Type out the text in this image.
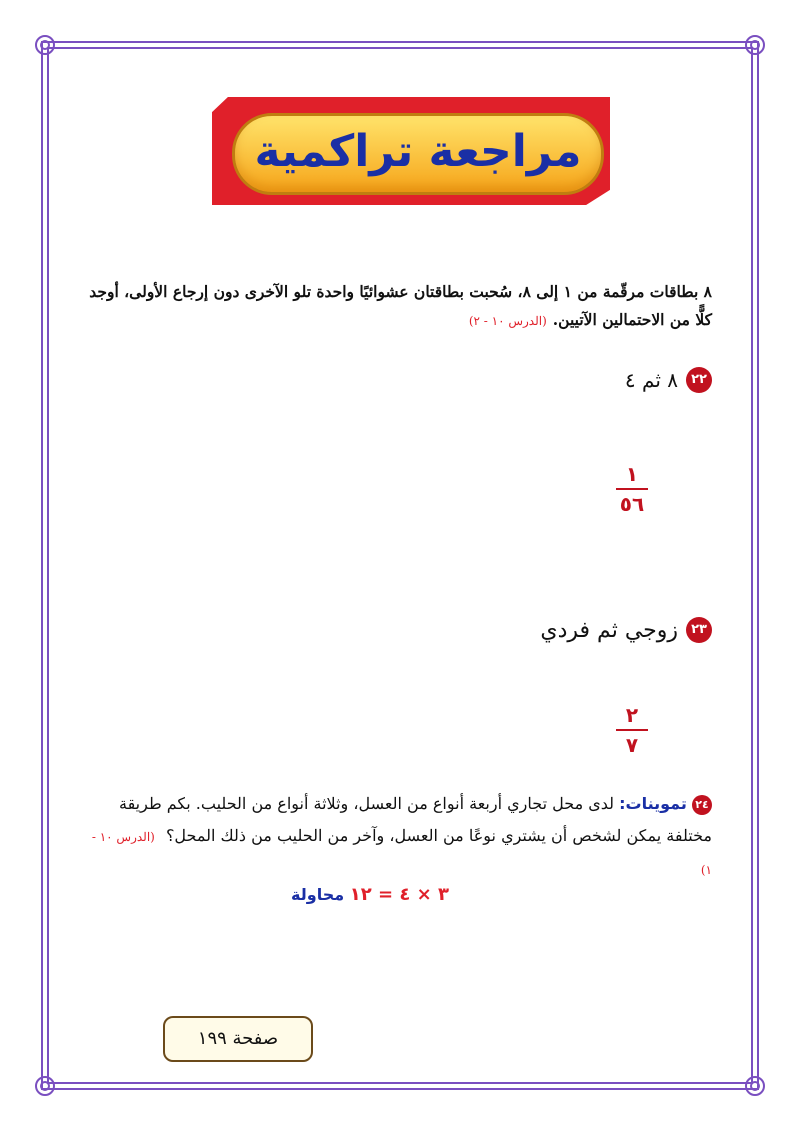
مراجعة تراكمية
٨ بطاقات مرقّمة من ١ إلى ٨، سُحبت بطاقتان عشوائيًا واحدة تلو الآخرى دون إرجاع الأولى، أوجد كلًّا من الاحتمالين الآتيين.(الدرس ١٠ - ٢)
٢٢
٨ ثم ٤
١
٥٦
٢٣
زوجي ثم فردي
٢
٧
٢٤ تموينات: لدى محل تجاري أربعة أنواع من العسل، وثلاثة أنواع من الحليب. بكم طريقة مختلفة يمكن لشخص أن يشتري نوعًا من العسل، وآخر من الحليب من ذلك المحل؟ (الدرس ١٠ - ١)
٣ × ٤ = ١٢ محاولة
صفحة ١٩٩
